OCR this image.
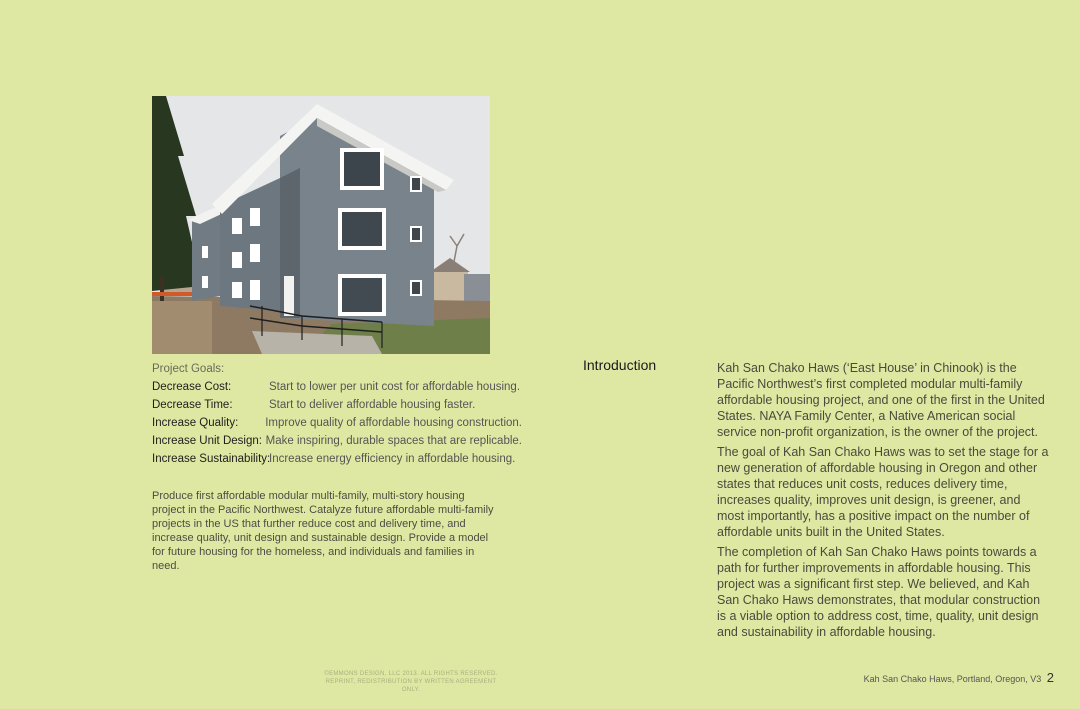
Project Goals:
Decrease Cost:	Start to lower per unit cost for affordable housing.
Decrease Time:	Start to deliver affordable housing faster.
Increase Quality:	Improve quality of affordable housing construction.
Increase Unit Design: Make inspiring, durable spaces that are replicable.
Increase Sustainability:
Increase energy efficiency in affordable housing.
Produce first affordable modular multi-family, multi-story housing project in the Pacific Northwest. Catalyze future affordable multi-family projects in the US that further reduce cost and delivery time, and increase quality, unit design and sustainable design. Provide a model for future housing for the homeless, and individuals and families in need.
Introduction	Kah San Chako Haws (‘East House’ in Chinook) is the Pacific Northwest’s first completed modular multi-family affordable housing project, and one of the first in the United States. NAYA Family Center, a Native American social service non-profit organization, is the owner of the project.

The goal of Kah San Chako Haws was to set the stage for a new generation of affordable housing in Oregon and other states that reduces unit costs, reduces delivery time, increases quality, improves unit design, is greener, and most importantly, has a positive impact on the number of affordable units built in the United States.

The completion of Kah San Chako Haws points towards a path for further improvements in affordable housing. This project was a significant first step. We believed, and Kah San Chako Haws demonstrates, that modular construction is a viable option to address cost, time, quality, unit design and sustainability in affordable housing.

©EMMONS DESIGN, LLC 2013. ALL RIGHTS RESERVED.
REPRINT, REDISTRIBUTION BY WRITTEN AGREEMENT ONLY.
Kah San Chako Haws, Portland, Oregon, V3 2
